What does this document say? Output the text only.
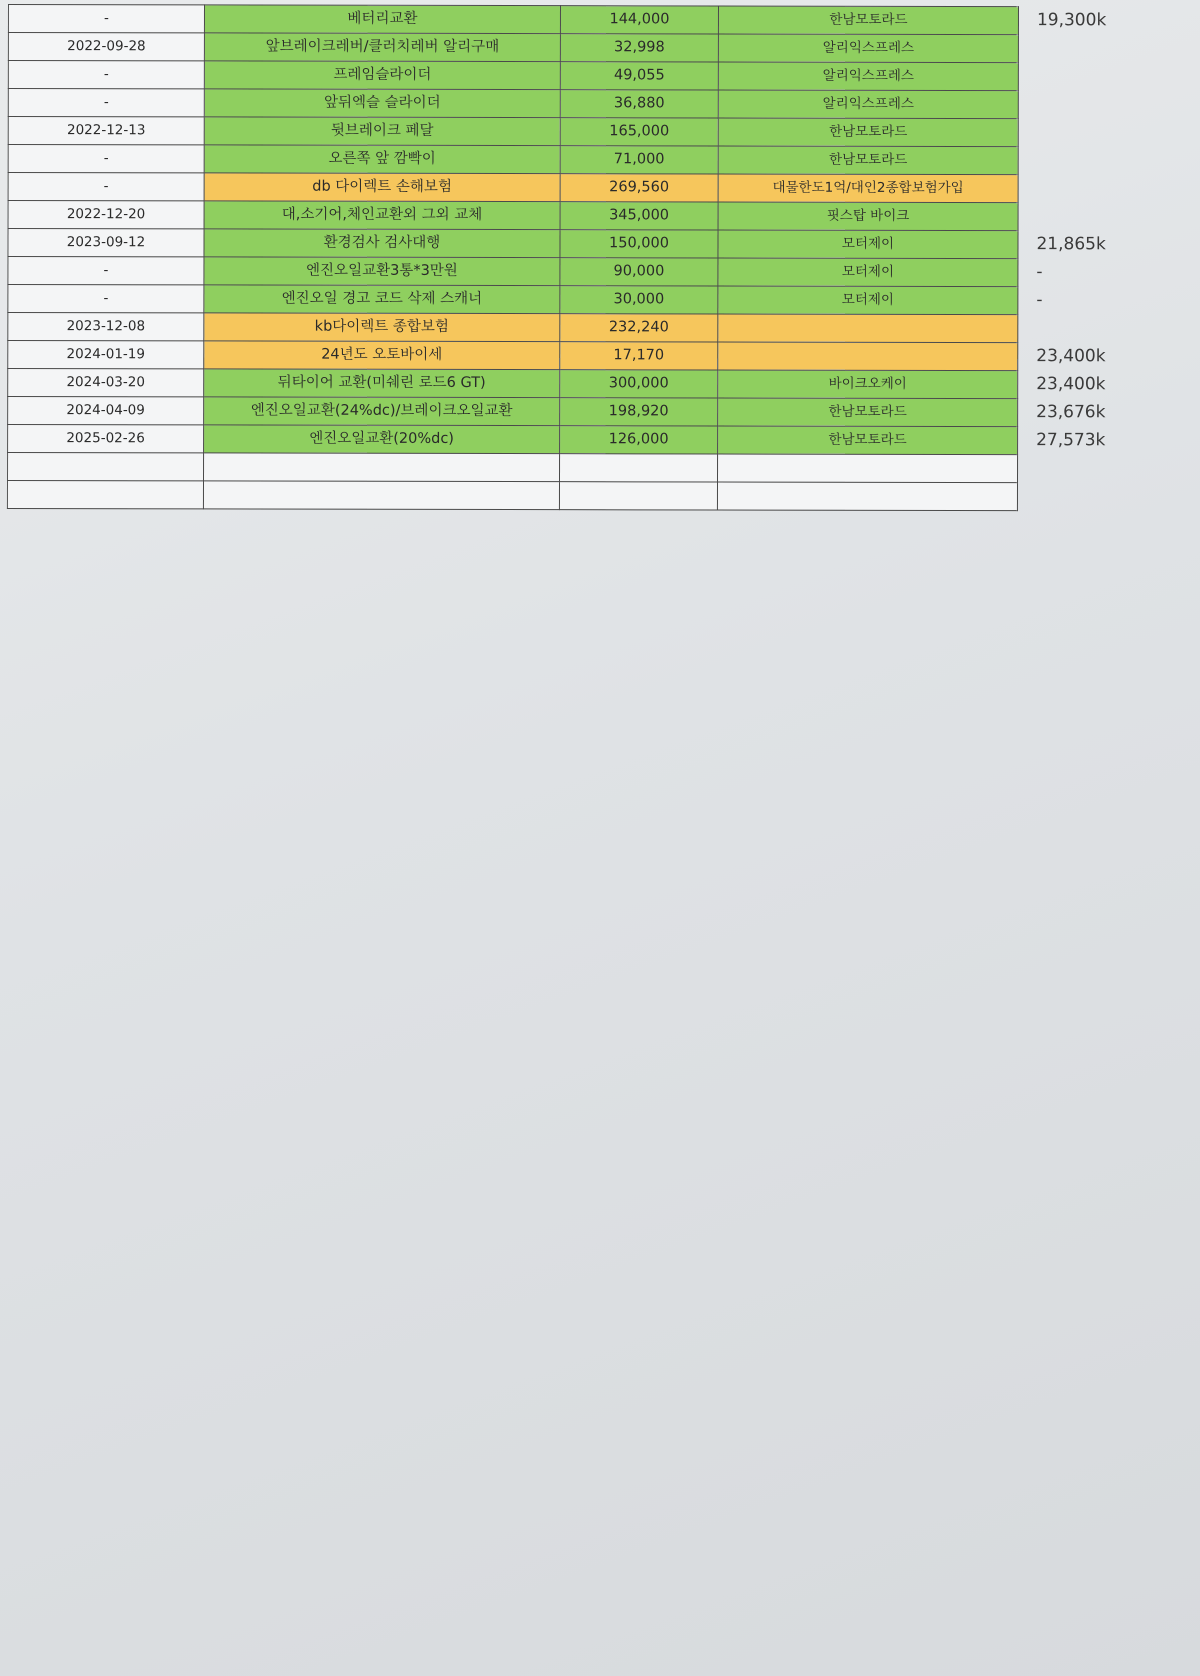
-	베터리교환	144,000	한남모토라드	19,300k
2022-09-28	앞브레이크레버/클러치레버 알리구매	32,998	알리익스프레스	
-	프레임슬라이더	49,055	알리익스프레스	
-	앞뒤엑슬 슬라이더	36,880	알리익스프레스	
2022-12-13	뒷브레이크 페달	165,000	한남모토라드	
-	오른쪽 앞 깜빡이	71,000	한남모토라드	
-	db 다이렉트 손해보험	269,560	대물한도1억/대인2종합보험가입	
2022-12-20	대,소기어,체인교환외 그외 교체	345,000	핏스탑 바이크	
2023-09-12	환경검사 검사대행	150,000	모터제이	21,865k
-	엔진오일교환3통*3만원	90,000	모터제이	-
-	엔진오일 경고 코드 삭제 스캐너	30,000	모터제이	-
2023-12-08	kb다이렉트 종합보험	232,240		
2024-01-19	24년도 오토바이세	17,170		23,400k
2024-03-20	뒤타이어 교환(미쉐린 로드6 GT)	300,000	바이크오케이	23,400k
2024-04-09	엔진오일교환(24%dc)/브레이크오일교환	198,920	한남모토라드	23,676k
2025-02-26	엔진오일교환(20%dc)	126,000	한남모토라드	27,573k
